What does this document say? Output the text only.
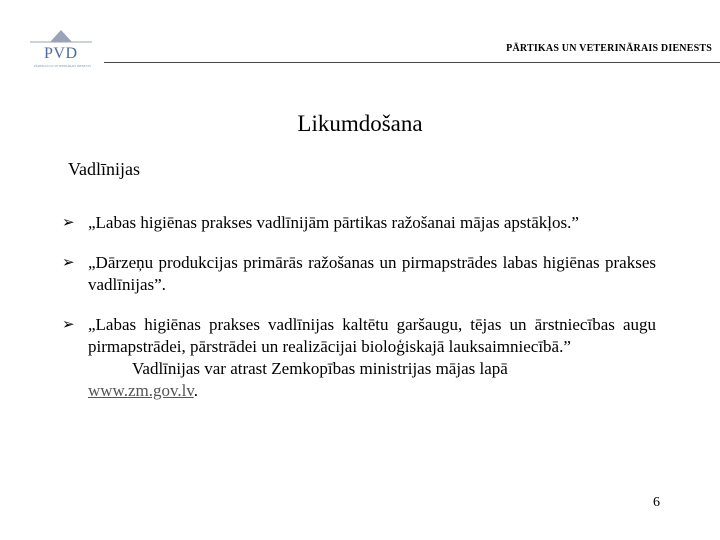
PVD
PĀRTIKAS UN VETERINĀRAIS DIENESTS
PĀRTIKAS UN VETERINĀRAIS DIENESTS
Likumdošana
Vadlīnijas
➢ „Labas higiēnas prakses vadlīnijām pārtikas ražošanai mājas apstākļos.”
➢ „Dārzeņu produkcijas primārās ražošanas un pirmapstrādes labas higiēnas prakses vadlīnijas”.
➢ „Labas higiēnas prakses vadlīnijas kaltētu garšaugu, tējas un ārstniecības augu pirmapstrādei, pārstrādei un realizācijai bioloģiskajā lauksaimniecībā.”
Vadlīnijas var atrast Zemkopības ministrijas mājas lapā
www.zm.gov.lv.
6
